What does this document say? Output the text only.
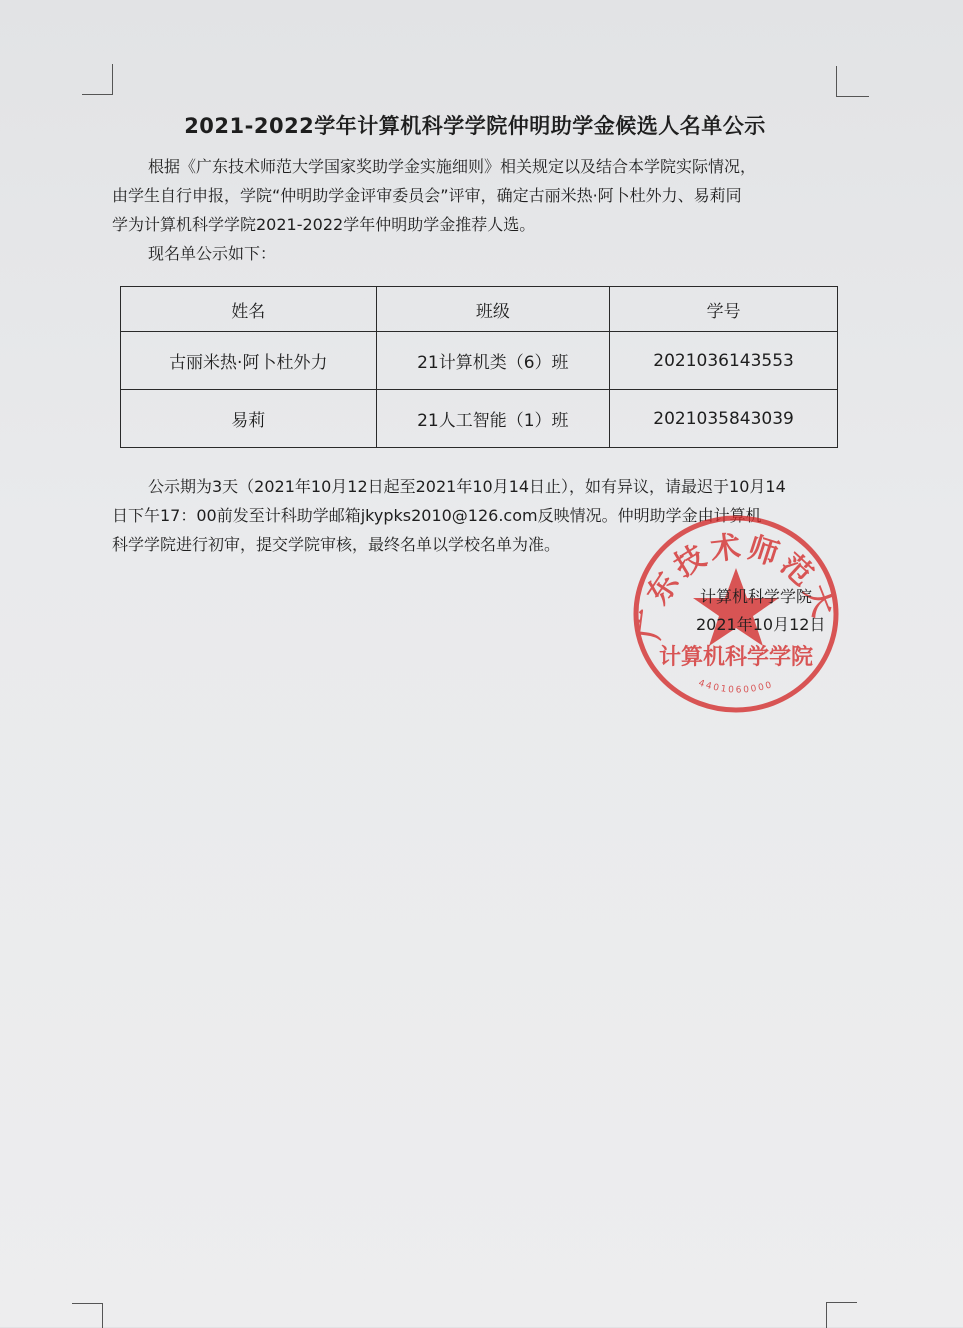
2021-2022学年计算机科学学院仲明助学金候选人名单公示
根据《广东技术师范大学国家奖助学金实施细则》相关规定以及结合本学院实际情况，
由学生自行申报，学院“仲明助学金评审委员会”评审，确定古丽米热·阿卜杜外力、易莉同
学为计算机科学学院2021-2022学年仲明助学金推荐人选。
现名单公示如下：
姓名	班级	学号
古丽米热·阿卜杜外力	21计算机类（6）班	2021036143553
易莉	21人工智能（1）班	2021035843039
公示期为3天（2021年10月12日起至2021年10月14日止），如有异议，请最迟于10月14
日下午17：00前发至计科助学邮箱jkypks2010@126.com反映情况。仲明助学金由计算机
科学学院进行初审，提交学院审核，最终名单以学校名单为准。
广东技术师范大
计算机科学学院
4401060000
计算机科学学院
2021年10月12日
